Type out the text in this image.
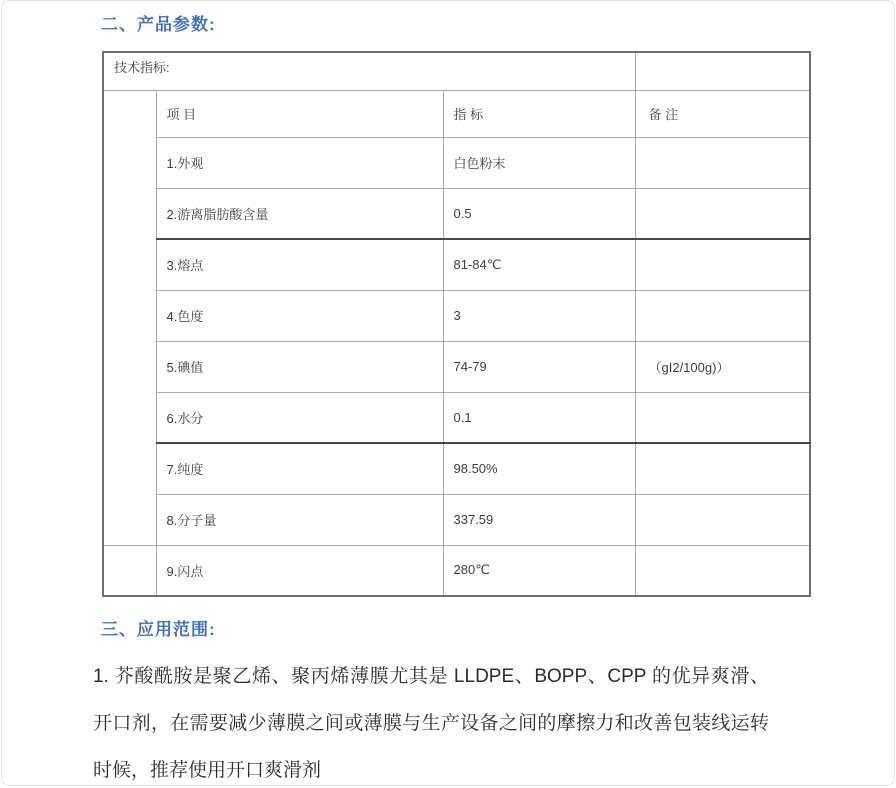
二、产品参数:
技术指标:			
	项 目	指 标	备 注
	1.外观	白色粉末	
	2.游离脂肪酸含量	0.5	
	3.熔点	81-84℃	
	4.色度	3	
	5.碘值	74-79	（gI2/100g)）
	6.水分	0.1	
	7.纯度	98.50%	
	8.分子量	337.59	
	9.闪点	280℃	
三、应用范围:
1. 芥酸酰胺是聚乙烯、聚丙烯薄膜尤其是 LLDPE、BOPP、CPP 的优异爽滑、开口剂，在需要减少薄膜之间或薄膜与生产设备之间的摩擦力和改善包装线运转时候，推荐使用开口爽滑剂
